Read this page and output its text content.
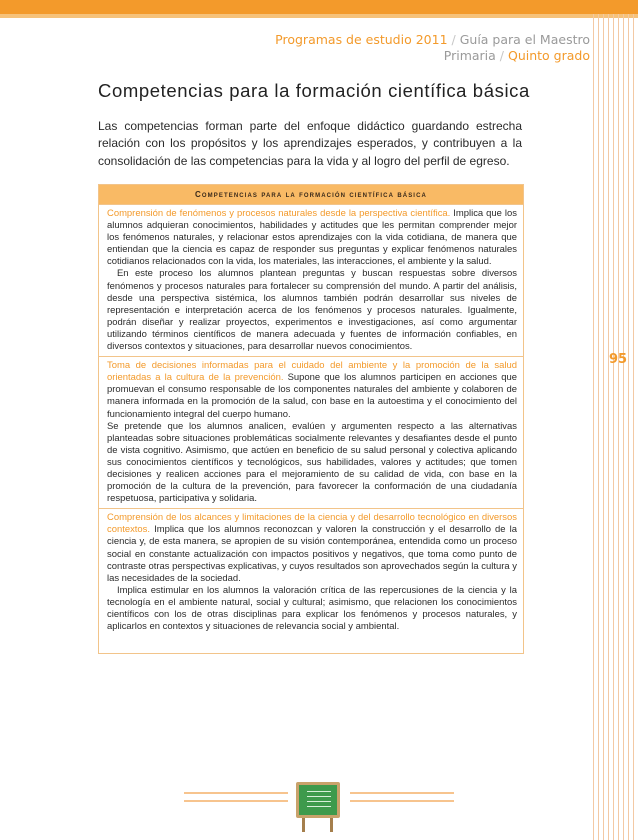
Programas de estudio 2011 / Guía para el Maestro
Primaria / Quinto grado
95
Competencias para la formación científica básica

Las competencias forman parte del enfoque didáctico guardando estrecha relación con los propósitos y los aprendizajes esperados, y contribuyen a la consolidación de las competencias para la vida y al logro del perfil de egreso.

Competencias para la formación científica básica

Comprensión de fenómenos y procesos naturales desde la perspectiva científica. Implica que los alumnos adquieran conocimientos, habilidades y actitudes que les permitan comprender mejor los fenómenos naturales, y relacionar estos aprendizajes con la vida cotidiana, de manera que entiendan que la ciencia es capaz de responder sus preguntas y explicar fenómenos naturales cotidianos relacionados con la vida, los materiales, las interacciones, el ambiente y la salud.

En este proceso los alumnos plantean preguntas y buscan respuestas sobre diversos fenómenos y procesos naturales para fortalecer su comprensión del mundo. A partir del análisis, desde una perspectiva sistémica, los alumnos también podrán desarrollar sus niveles de representación e interpretación acerca de los fenómenos y procesos naturales. Igualmente, podrán diseñar y realizar proyectos, experimentos e investigaciones, así como argumentar utilizando términos científicos de manera adecuada y fuentes de información confiables, en diversos contextos y situaciones, para desarrollar nuevos conocimientos.

Toma de decisiones informadas para el cuidado del ambiente y la promoción de la salud orientadas a la cultura de la prevención. Supone que los alumnos participen en acciones que promuevan el consumo responsable de los componentes naturales del ambiente y colaboren de manera informada en la promoción de la salud, con base en la autoestima y el conocimiento del funcionamiento integral del cuerpo humano.

Se pretende que los alumnos analicen, evalúen y argumenten respecto a las alternativas planteadas sobre situaciones problemáticas socialmente relevantes y desafiantes desde el punto de vista cognitivo. Asimismo, que actúen en beneficio de su salud personal y colectiva aplicando sus conocimientos científicos y tecnológicos, sus habilidades, valores y actitudes; que tomen decisiones y realicen acciones para el mejoramiento de su calidad de vida, con base en la promoción de la cultura de la prevención, para favorecer la conformación de una ciudadanía respetuosa, participativa y solidaria.

Comprensión de los alcances y limitaciones de la ciencia y del desarrollo tecnológico en diversos contextos. Implica que los alumnos reconozcan y valoren la construcción y el desarrollo de la ciencia y, de esta manera, se apropien de su visión contemporánea, entendida como un proceso social en constante actualización con impactos positivos y negativos, que toma como punto de contraste otras perspectivas explicativas, y cuyos resultados son aprovechados según la cultura y las necesidades de la sociedad.

Implica estimular en los alumnos la valoración crítica de las repercusiones de la ciencia y la tecnología en el ambiente natural, social y cultural; asimismo, que relacionen los conocimientos científicos con los de otras disciplinas para explicar los fenómenos y procesos naturales, y aplicarlos en contextos y situaciones de relevancia social y ambiental.
